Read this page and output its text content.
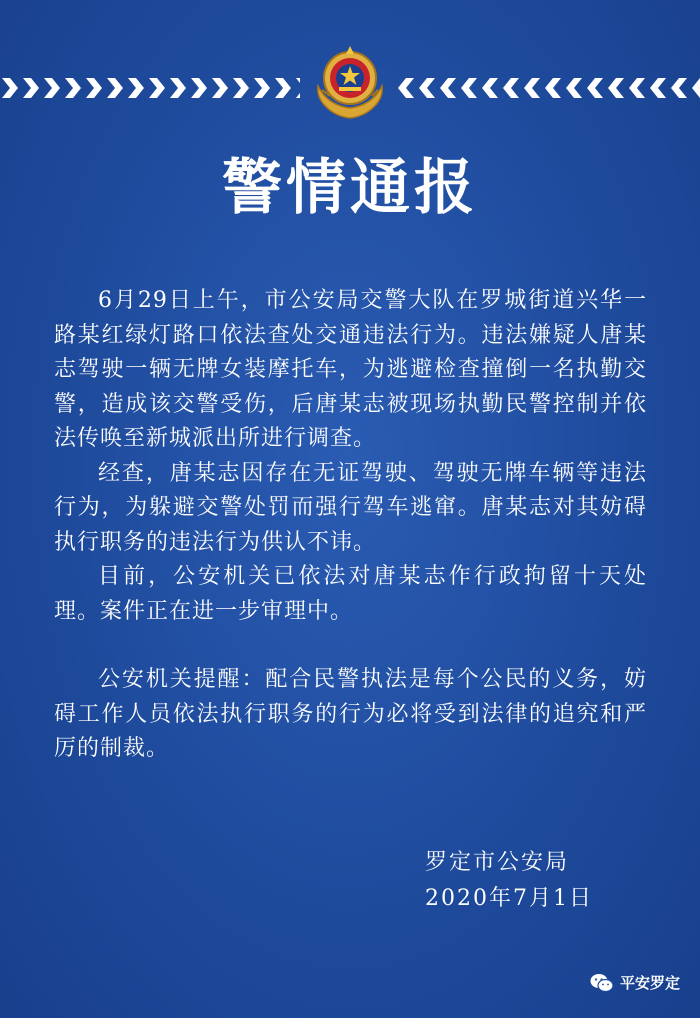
警情通报

6月29日上午，市公安局交警大队在罗城街道兴华一路某红绿灯路口依法查处交通违法行为。违法嫌疑人唐某志驾驶一辆无牌女装摩托车，为逃避检查撞倒一名执勤交警，造成该交警受伤，后唐某志被现场执勤民警控制并依法传唤至新城派出所进行调查。

经查，唐某志因存在无证驾驶、驾驶无牌车辆等违法行为，为躲避交警处罚而强行驾车逃窜。唐某志对其妨碍执行职务的违法行为供认不讳。

目前，公安机关已依法对唐某志作行政拘留十天处理。案件正在进一步审理中。

公安机关提醒：配合民警执法是每个公民的义务，妨碍工作人员依法执行职务的行为必将受到法律的追究和严厉的制裁。

罗定市公安局
2020年7月1日
平安罗定
